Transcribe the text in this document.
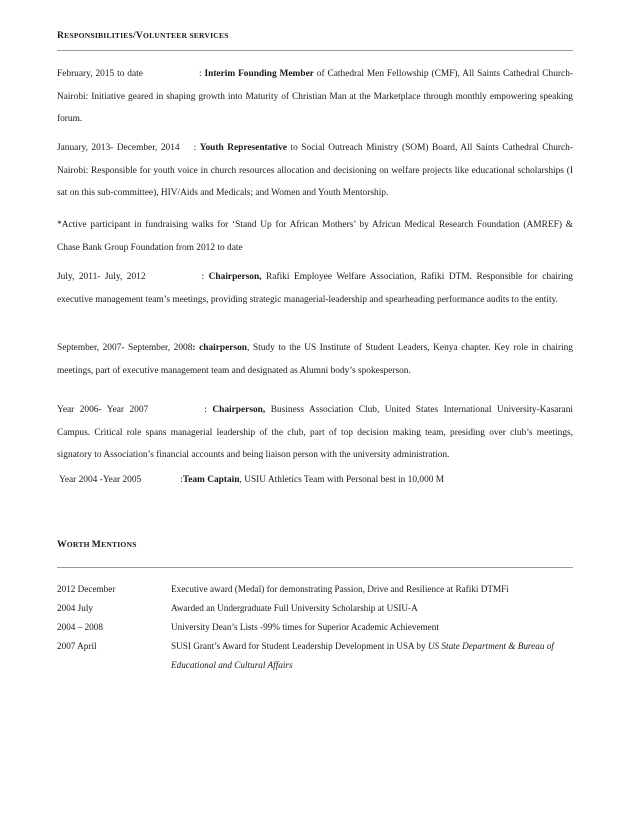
RESPONSIBILITIES/VOLUNTEER SERVICES
February, 2015 to date	: Interim Founding Member of Cathedral Men Fellowship (CMF), All Saints Cathedral Church-Nairobi: Initiative geared in shaping growth into Maturity of Christian Man at the Marketplace through monthly empowering speaking forum.
January, 2013- December, 2014 : Youth Representative to Social Outreach Ministry (SOM) Board, All Saints Cathedral Church-Nairobi: Responsible for youth voice in church resources allocation and decisioning on welfare projects like educational scholarships (I sat on this sub-committee), HIV/Aids and Medicals; and Women and Youth Mentorship.
*Active participant in fundraising walks for ‘Stand Up for African Mothers’ by African Medical Research Foundation (AMREF) & Chase Bank Group Foundation from 2012 to date
July, 2011- July, 2012	: Chairperson, Rafiki Employee Welfare Association, Rafiki DTM. Responsible for chairing executive management team’s meetings, providing strategic managerial-leadership and spearheading performance audits to the entity.
September, 2007- September, 2008: chairperson, Study to the US Institute of Student Leaders, Kenya chapter. Key role in chairing meetings, part of executive management team and designated as Alumni body’s spokesperson.
Year 2006- Year 2007	: Chairperson, Business Association Club, United States International University-Kasarani Campus. Critical role spans managerial leadership of the club, part of top decision making team, presiding over club’s meetings, signatory to Association’s financial accounts and being liaison person with the university administration.
Year 2004 -Year 2005	:Team Captain, USIU Athletics Team with Personal best in 10,000 M
WORTH MENTIONS
2012 December	Executive award (Medal) for demonstrating Passion, Drive and Resilience at Rafiki DTMFi
2004 July	Awarded an Undergraduate Full University Scholarship at USIU-A
2004 – 2008	University Dean’s Lists -99% times for Superior Academic Achievement
2007 April	SUSI Grant’s Award for Student Leadership Development in USA by US State Department & Bureau of Educational and Cultural Affairs
